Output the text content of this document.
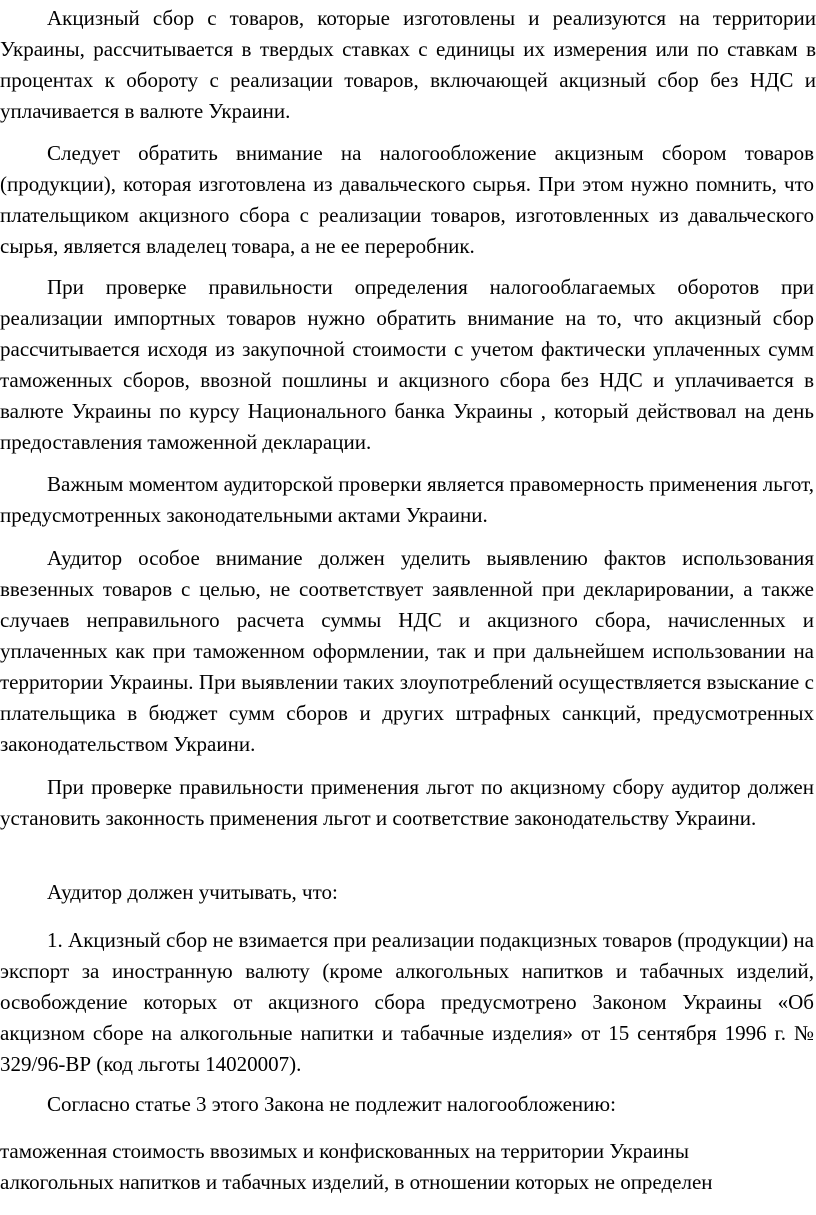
Акцизный сбор с товаров, которые изготовлены и реализуются на территории Украины, рассчитывается в твердых ставках с единицы их измерения или по ставкам в процентах к обороту с реализации товаров, включающей акцизный сбор без НДС и уплачивается в валюте Украини.

Следует обратить внимание на налогообложение акцизным сбором товаров (продукции), которая изготовлена из давальческого сырья. При этом нужно помнить, что плательщиком акцизного сбора с реализации товаров, изготовленных из давальческого сырья, является владелец товара, а не ее переробник.

При проверке правильности определения налогооблагаемых оборотов при реализации импортных товаров нужно обратить внимание на то, что акцизный сбор рассчитывается исходя из закупочной стоимости с учетом фактически уплаченных сумм таможенных сборов, ввозной пошлины и акцизного сбора без НДС и уплачивается в валюте Украины по курсу Национального банка Украины , который действовал на день предоставления таможенной декларации.

Важным моментом аудиторской проверки является правомерность применения льгот, предусмотренных законодательными актами Украини.

Аудитор особое внимание должен уделить выявлению фактов использования ввезенных товаров с целью, не соответствует заявленной при декларировании, а также случаев неправильного расчета суммы НДС и акцизного сбора, начисленных и уплаченных как при таможенном оформлении, так и при дальнейшем использовании на территории Украины. При выявлении таких злоупотреблений осуществляется взыскание с плательщика в бюджет сумм сборов и других штрафных санкций, предусмотренных законодательством Украини.

При проверке правильности применения льгот по акцизному сбору аудитор должен установить законность применения льгот и соответствие законодательству Украини.

Аудитор должен учитывать, что:

1. Акцизный сбор не взимается при реализации подакцизных товаров (продукции) на экспорт за иностранную валюту (кроме алкогольных напитков и табачных изделий, освобождение которых от акцизного сбора предусмотрено Законом Украины «Об акцизном сборе на алкогольные напитки и табачные изделия» от 15 сентября 1996 г. № 329/96-ВР (код льготы 14020007).

Согласно статье 3 этого Закона не подлежит налогообложению:

таможенная стоимость ввозимых и конфискованных на территории Украины алкогольных напитков и табачных изделий, в отношении которых не определен
